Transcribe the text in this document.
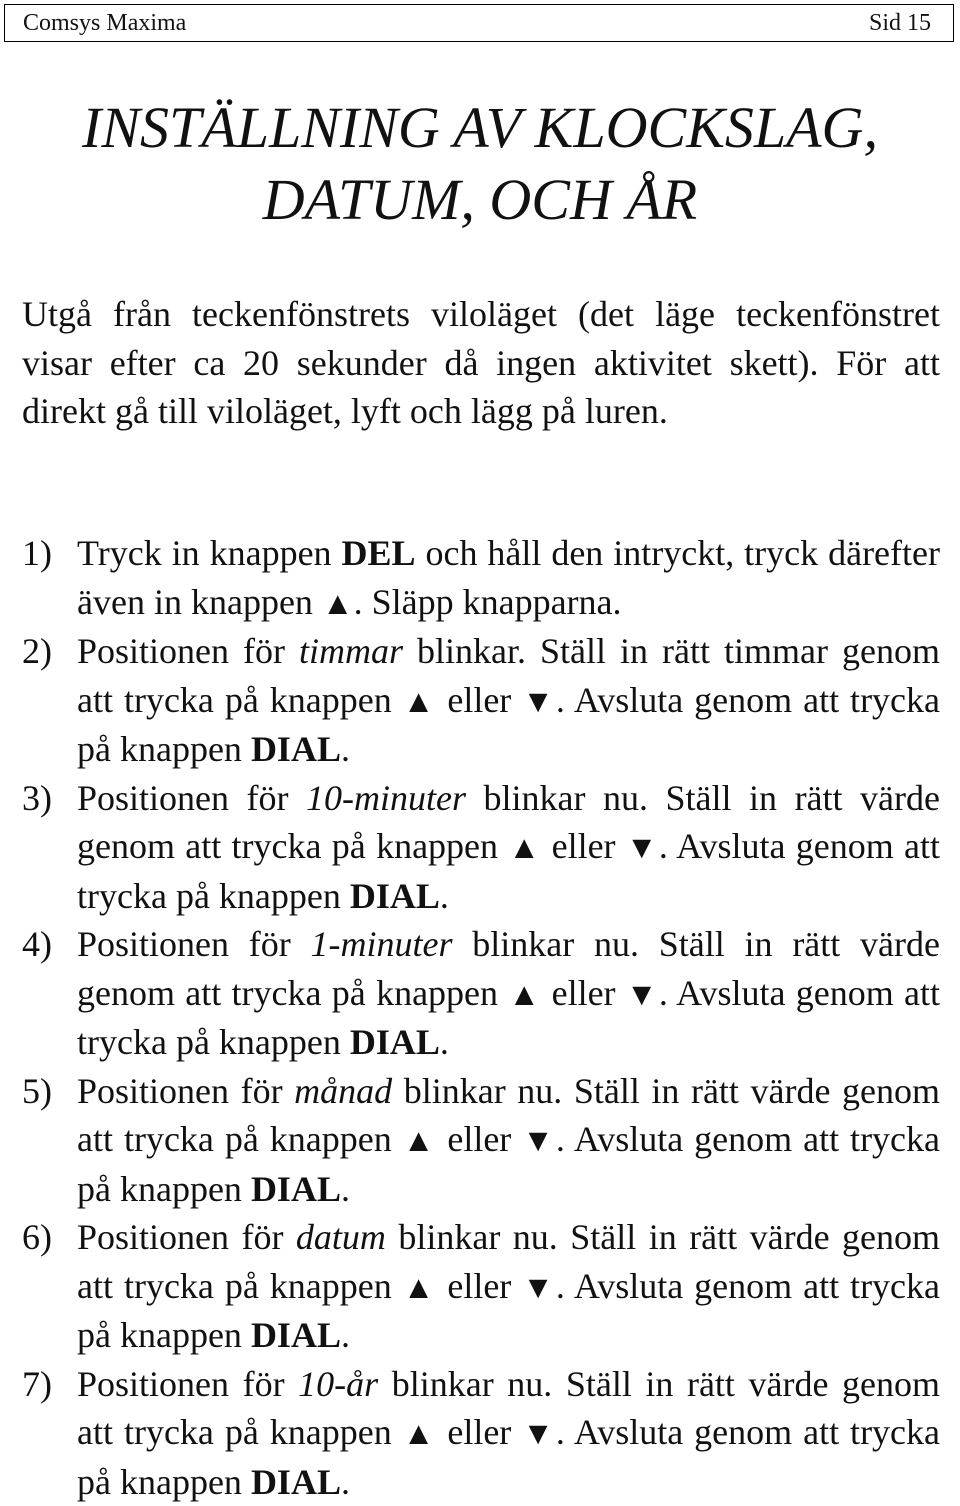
Comsys Maxima	Sid 15
INSTÄLLNING AV KLOCKSLAG,
DATUM, OCH ÅR

Utgå från teckenfönstrets viloläget (det läge teckenfönstret visar efter ca 20 sekunder då ingen aktivitet skett). För att direkt gå till viloläget, lyft och lägg på luren.

1) Tryck in knappen DEL och håll den intryckt, tryck därefter även in knappen ▲. Släpp knapparna.
2) Positionen för timmar blinkar. Ställ in rätt timmar genom att trycka på knappen ▲ eller ▼. Avsluta genom att trycka på knappen DIAL.
3) Positionen för 10-minuter blinkar nu. Ställ in rätt värde genom att trycka på knappen ▲ eller ▼. Avsluta genom att trycka på knappen DIAL.
4) Positionen för 1-minuter blinkar nu. Ställ in rätt värde genom att trycka på knappen ▲ eller ▼. Avsluta genom att trycka på knappen DIAL.
5) Positionen för månad blinkar nu. Ställ in rätt värde genom att trycka på knappen ▲ eller ▼. Avsluta genom att trycka på knappen DIAL.
6) Positionen för datum blinkar nu. Ställ in rätt värde genom att trycka på knappen ▲ eller ▼. Avsluta genom att trycka på knappen DIAL.
7) Positionen för 10-år blinkar nu. Ställ in rätt värde genom att trycka på knappen ▲ eller ▼. Avsluta genom att trycka på knappen DIAL.
